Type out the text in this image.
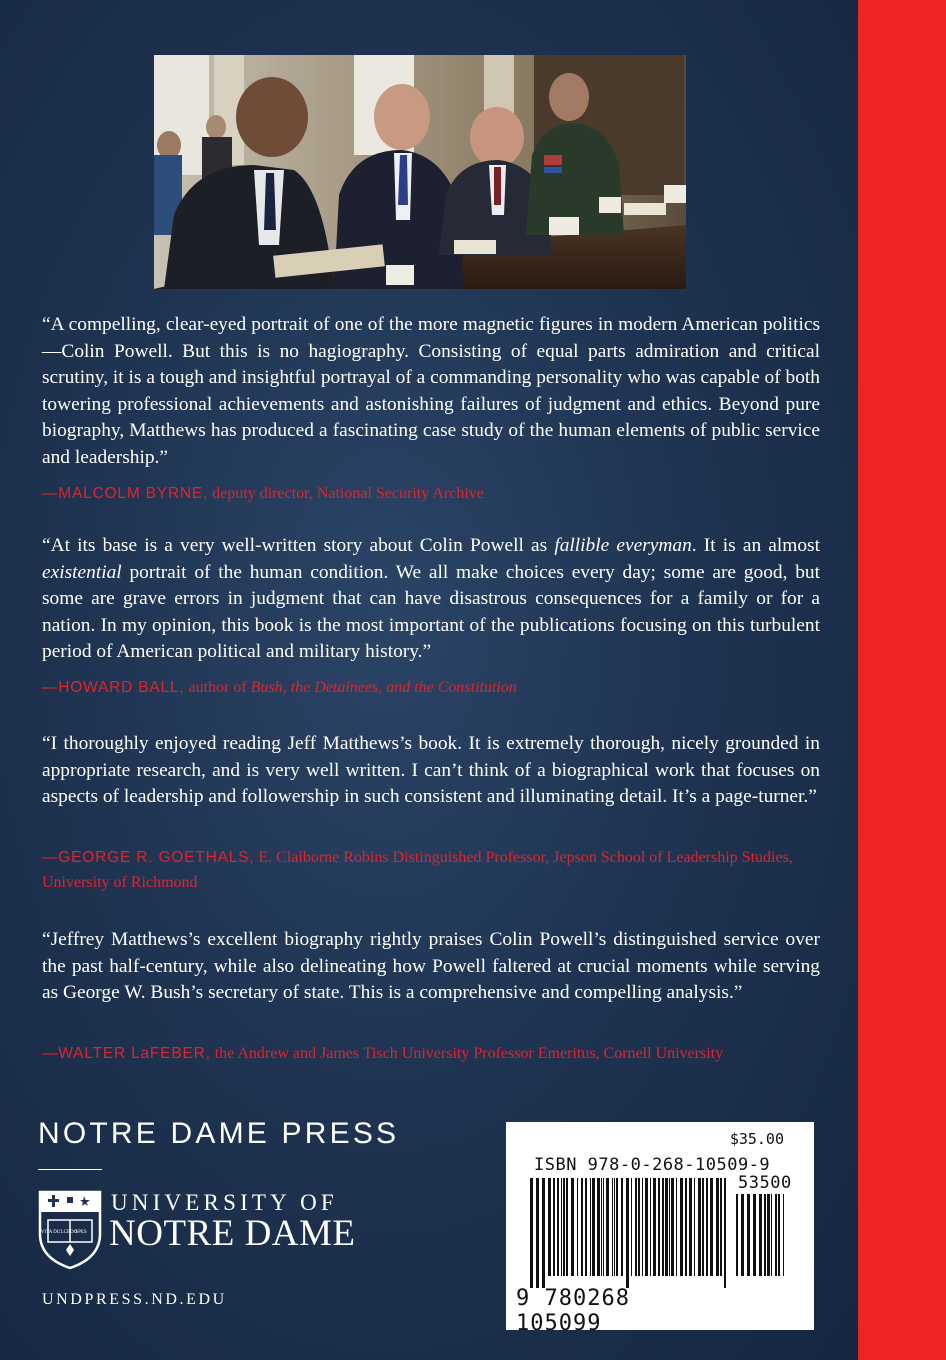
“A compelling, clear-eyed portrait of one of the more magnetic figures in modern American politics—Colin Powell. But this is no hagiography. Consisting of equal parts admiration and critical scrutiny, it is a tough and insightful portrayal of a commanding personality who was capable of both towering professional achievements and astonishing failures of judgment and ethics. Beyond pure biography, Matthews has produced a fascinating case study of the human elements of public service and leadership.”

—MALCOLM BYRNE, deputy director, National Security Archive

“At its base is a very well-written story about Colin Powell as fallible everyman. It is an almost existential portrait of the human condition. We all make choices every day; some are good, but some are grave errors in judgment that can have disastrous consequences for a family or for a nation. In my opinion, this book is the most important of the publications focusing on this turbulent period of American political and military history.”

—HOWARD BALL, author of Bush, the Detainees, and the Constitution

“I thoroughly enjoyed reading Jeff Matthews’s book. It is extremely thorough, nicely grounded in appropriate research, and is very well written. I can’t think of a biographical work that focuses on aspects of leadership and followership in such consistent and illuminating detail. It’s a page-turner.”

—GEORGE R. GOETHALS, E. Claiborne Robins Distinguished Professor, Jepson School of Leadership Studies, University of Richmond

“Jeffrey Matthews’s excellent biography rightly praises Colin Powell’s distinguished service over the past half-century, while also delineating how Powell faltered at crucial moments while serving as George W. Bush’s secretary of state. This is a comprehensive and compelling analysis.”

—WALTER LaFEBER, the Andrew and James Tisch University Professor Emeritus, Cornell University
NOTRE DAME PRESS
VITA DULCEDO
SPES
UNIVERSITY OF
NOTRE DAME
UNDPRESS.ND.EDU
$35.00
ISBN 978-0-268-10509-9
53500
9 780268 105099
